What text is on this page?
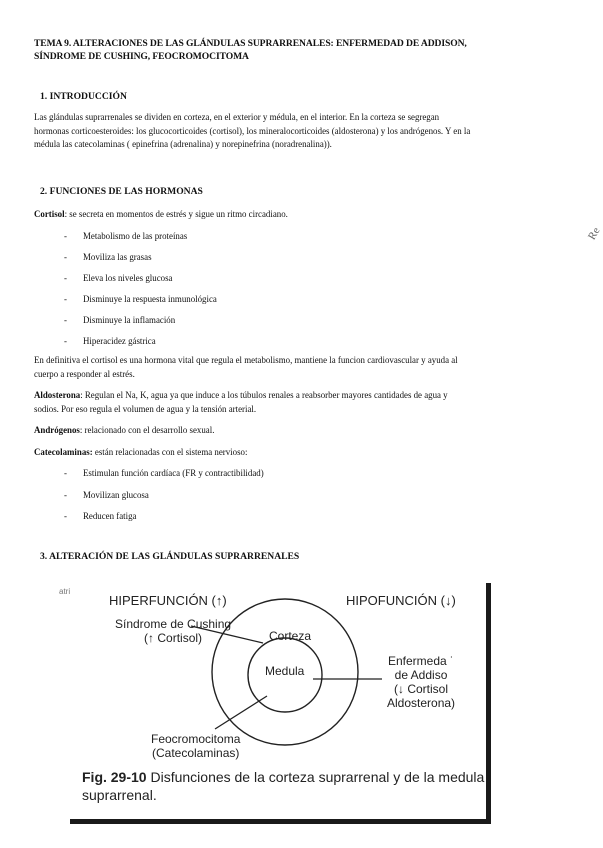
TEMA 9. ALTERACIONES DE LAS GLÁNDULAS SUPRARRENALES: ENFERMEDAD DE ADDISON,
SÍNDROME DE CUSHING, FEOCROMOCITOMA

1. INTRODUCCIÓN

Las glándulas suprarrenales se dividen en corteza, en el exterior y médula, en el interior. En la corteza se segregan
hormonas corticoesteroides: los glucocorticoides (cortisol), los mineralocorticoides (aldosterona) y los andrógenos. Y en la
médula las catecolaminas ( epinefrina (adrenalina) y norepinefrina (noradrenalina)).

2. FUNCIONES DE LAS HORMONAS

Cortisol: se secreta en momentos de estrés y sigue un ritmo circadiano.

- Metabolismo de las proteínas
- Moviliza las grasas
- Eleva los niveles glucosa
- Disminuye la respuesta inmunológica
- Disminuye la inflamación
- Hiperacidez gástrica

En definitiva el cortisol es una hormona vital que regula el metabolismo, mantiene la funcion cardiovascular y ayuda al
cuerpo a responder al estrés.

Aldosterona: Regulan el Na, K, agua ya que induce a los túbulos renales a reabsorber mayores cantidades de agua y
sodios. Por eso regula el volumen de agua y la tensión arterial.

Andrógenos: relacionado con el desarrollo sexual.

Catecolaminas: están relacionadas con el sistema nervioso:

- Estimulan función cardíaca (FR y contractibilidad)
- Movilizan glucosa
- Reducen fatiga

3. ALTERACIÓN DE LAS GLÁNDULAS SUPRARRENALES

atri
HIPERFUNCIÓN (↑)	HIPOFUNCIÓN (↓)
Síndrome de Cushing
(↑ Cortisol)	Corteza
Medula
Enfermeda ˙
de Addiso
(↓ Cortisol
Aldosterona)
Feocromocitoma
(Catecolaminas)
Fig. 29-10 Disfunciones de la corteza suprarrenal y de la medula
suprarrenal.
Re
